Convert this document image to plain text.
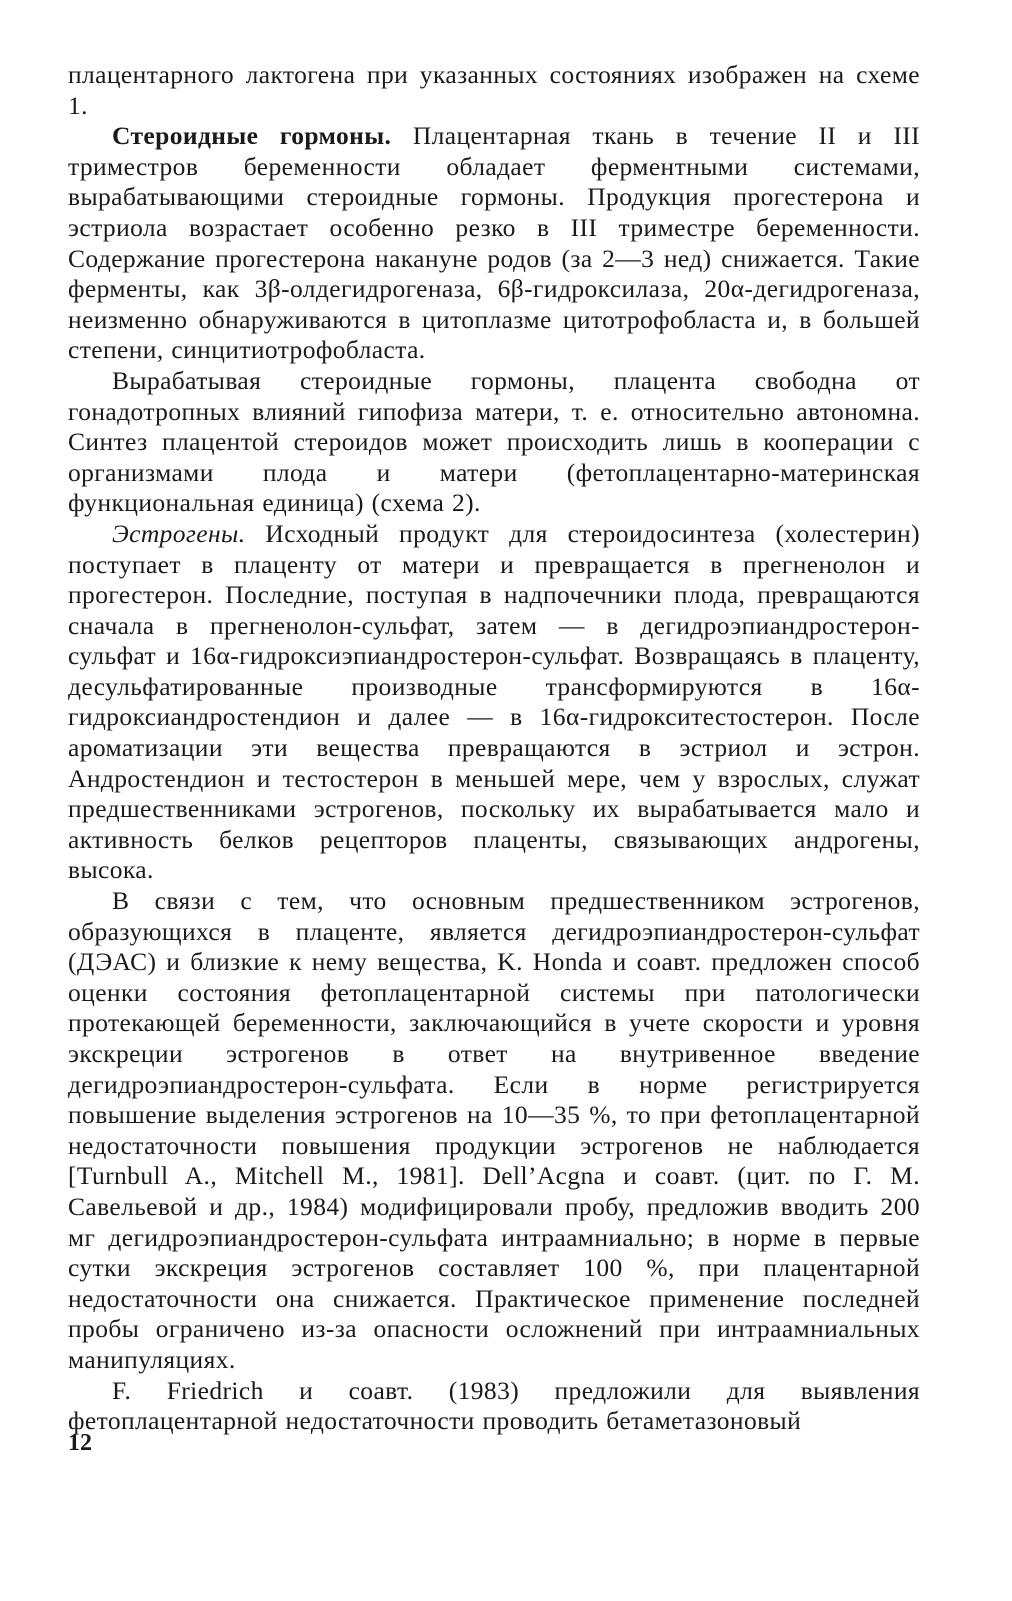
плацентарного лактогена при указанных состояниях изображен на схеме 1.

Стероидные гормоны. Плацентарная ткань в течение II и III триместров беременности обладает ферментными системами, вырабатывающими стероидные гормоны. Продукция прогестерона и эстриола возрастает особенно резко в III триместре беременности. Содержание прогестерона накануне родов (за 2—3 нед) снижается. Такие ферменты, как 3β-олдегидрогеназа, 6β-гидроксилаза, 20α-дегидрогеназа, неизменно обнаруживаются в цитоплазме цитотрофобласта и, в большей степени, синцитиотрофобласта.

Вырабатывая стероидные гормоны, плацента свободна от гонадотропных влияний гипофиза матери, т. е. относительно автономна. Синтез плацентой стероидов может происходить лишь в кооперации с организмами плода и матери (фетоплацентарно-материнская функциональная единица) (схема 2).

Эстрогены. Исходный продукт для стероидосинтеза (холестерин) поступает в плаценту от матери и превращается в прегненолон и прогестерон. Последние, поступая в надпочечники плода, превращаются сначала в прегненолон-сульфат, затем — в дегидроэпиандростерон-сульфат и 16α-гидроксиэпиандростерон-сульфат. Возвращаясь в плаценту, десульфатированные производные трансформируются в 16α-гидроксиандростендион и далее — в 16α-гидрокситестостерон. После ароматизации эти вещества превращаются в эстриол и эстрон. Андростендион и тестостерон в меньшей мере, чем у взрослых, служат предшественниками эстрогенов, поскольку их вырабатывается мало и активность белков рецепторов плаценты, связывающих андрогены, высока.

В связи с тем, что основным предшественником эстрогенов, образующихся в плаценте, является дегидроэпиандростерон-сульфат (ДЭАС) и близкие к нему вещества, K. Honda и соавт. предложен способ оценки состояния фетоплацентарной системы при патологически протекающей беременности, заключающийся в учете скорости и уровня экскреции эстрогенов в ответ на внутривенное введение дегидроэпиандростерон-сульфата. Если в норме регистрируется повышение выделения эстрогенов на 10—35 %, то при фетоплацентарной недостаточности повышения продукции эстрогенов не наблюдается [Turnbull A., Mitchell M., 1981]. Dell’Acgna и соавт. (цит. по Г. М. Савельевой и др., 1984) модифицировали пробу, предложив вводить 200 мг дегидроэпиандростерон-сульфата интраамниально; в норме в первые сутки экскреция эстрогенов составляет 100 %, при плацентарной недостаточности она снижается. Практическое применение последней пробы ограничено из-за опасности осложнений при интраамниальных манипуляциях.

F. Friedrich и соавт. (1983) предложили для выявления фетоплацентарной недостаточности проводить бетаметазоновый

12
